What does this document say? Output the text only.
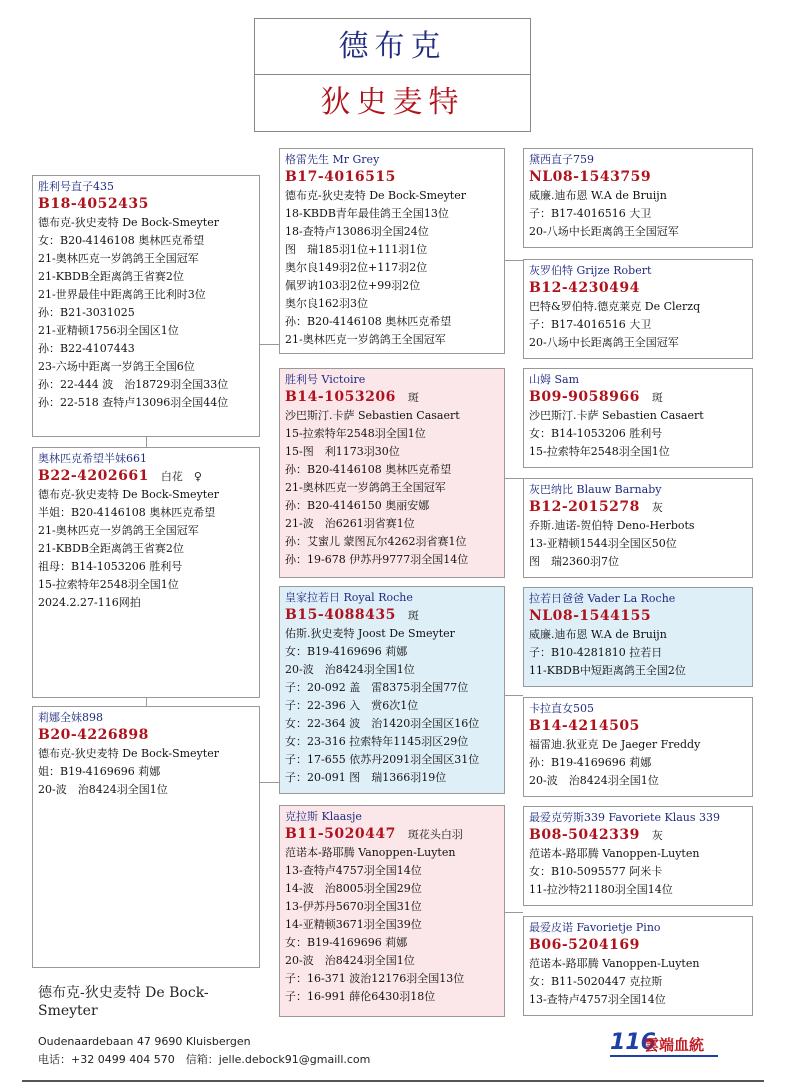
德布克
狄史麦特
胜利号直子435
B18-4052435
德布克-狄史麦特 De Bock-Smeyter
女：B20-4146108 奥林匹克希望
21-奥林匹克一岁鸽鸽王全国冠军
21-KBDB全距离鸽王省赛2位
21-世界最佳中距离鸽王比利时3位
孙：B21-3031025
21-亚精顿1756羽全国区1位
孙：B22-4107443
23-六场中距离一岁鸽王全国6位
孙：22-444 波　治18729羽全国33位
孙：22-518 查特卢13096羽全国44位
奥林匹克希望半妹661
B22-4202661 白花　♀
德布克-狄史麦特 De Bock-Smeyter
半姐：B20-4146108 奥林匹克希望
21-奥林匹克一岁鸽鸽王全国冠军
21-KBDB全距离鸽王省赛2位
祖母：B14-1053206 胜利号
15-拉索特年2548羽全国1位
2024.2.27-116网拍
莉娜全妹898
B20-4226898
德布克-狄史麦特 De Bock-Smeyter
姐：B19-4169696 莉娜
20-波　治8424羽全国1位
格雷先生 Mr Grey
B17-4016515
德布克-狄史麦特 De Bock-Smeyter
18-KBDB青年最佳鸽王全国13位
18-查特卢13086羽全国24位
图　瑞185羽1位+111羽1位
奥尔良149羽2位+117羽2位
佩罗讷103羽2位+99羽2位
奥尔良162羽3位
孙：B20-4146108 奥林匹克希望
21-奥林匹克一岁鸽鸽王全国冠军
胜利号 Victoire
B14-1053206 斑
沙巴斯汀.卡萨 Sebastien Casaert
15-拉索特年2548羽全国1位
15-图　利1173羽30位
孙：B20-4146108 奥林匹克希望
21-奥林匹克一岁鸽鸽王全国冠军
孙：B20-4146150 奥丽安娜
21-波　治6261羽省赛1位
孙：艾蜜儿 蒙图瓦尔4262羽省赛1位
孙：19-678 伊苏丹9777羽全国14位
皇家拉若日 Royal Roche
B15-4088435 斑
佑斯.狄史麦特 Joost De Smeyter
女：B19-4169696 莉娜
20-波　治8424羽全国1位
子：20-092 盖　雷8375羽全国77位
子：22-396 入　赏6次1位
女：22-364 波　治1420羽全国区16位
女：23-316 拉索特年1145羽区29位
子：17-655 依苏丹2091羽全国区31位
子：20-091 图　瑞1366羽19位
克拉斯 Klaasje
B11-5020447 斑花头白羽
范诺本-路耶腾 Vanoppen-Luyten
13-查特卢4757羽全国14位
14-波　治8005羽全国29位
13-伊苏丹5670羽全国31位
14-亚精顿3671羽全国39位
女：B19-4169696 莉娜
20-波　治8424羽全国1位
子：16-371 波治12176羽全国13位
子：16-991 薛伦6430羽18位
黛西直子759
NL08-1543759
威廉.迪布恩 W.A de Bruijn
子：B17-4016516 大卫
20-八场中长距离鸽王全国冠军
灰罗伯特 Grijze Robert
B12-4230494
巴特&罗伯特.德克莱克 De Clerzq
子：B17-4016516 大卫
20-八场中长距离鸽王全国冠军
山姆 Sam
B09-9058966 斑
沙巴斯汀.卡萨 Sebastien Casaert
女：B14-1053206 胜利号
15-拉索特年2548羽全国1位
灰巴纳比 Blauw Barnaby
B12-2015278 灰
乔斯.迪诺-贺伯特 Deno-Herbots
13-亚精顿1544羽全国区50位
图　瑞2360羽7位
拉若日爸爸 Vader La Roche
NL08-1544155
威廉.迪布恩 W.A de Bruijn
子：B10-4281810 拉若日
11-KBDB中短距离鸽王全国2位
卡拉直女505
B14-4214505
福雷迪.狄亚克 De Jaeger Freddy
孙：B19-4169696 莉娜
20-波　治8424羽全国1位
最爱克劳斯339 Favoriete Klaus 339
B08-5042339 灰
范诺本-路耶腾 Vanoppen-Luyten
女：B10-5095577 阿米卡
11-拉沙特21180羽全国14位
最爱皮诺 Favorietje Pino
B06-5204169
范诺本-路耶腾 Vanoppen-Luyten
女：B11-5020447 克拉斯
13-查特卢4757羽全国14位
德布克-狄史麦特 De Bock-Smeyter
Oudenaardebaan 47 9690 Kluisbergen
电话：+32 0499 404 570　信箱：jelle.debock91@gmaill.com
116
雲端血統
